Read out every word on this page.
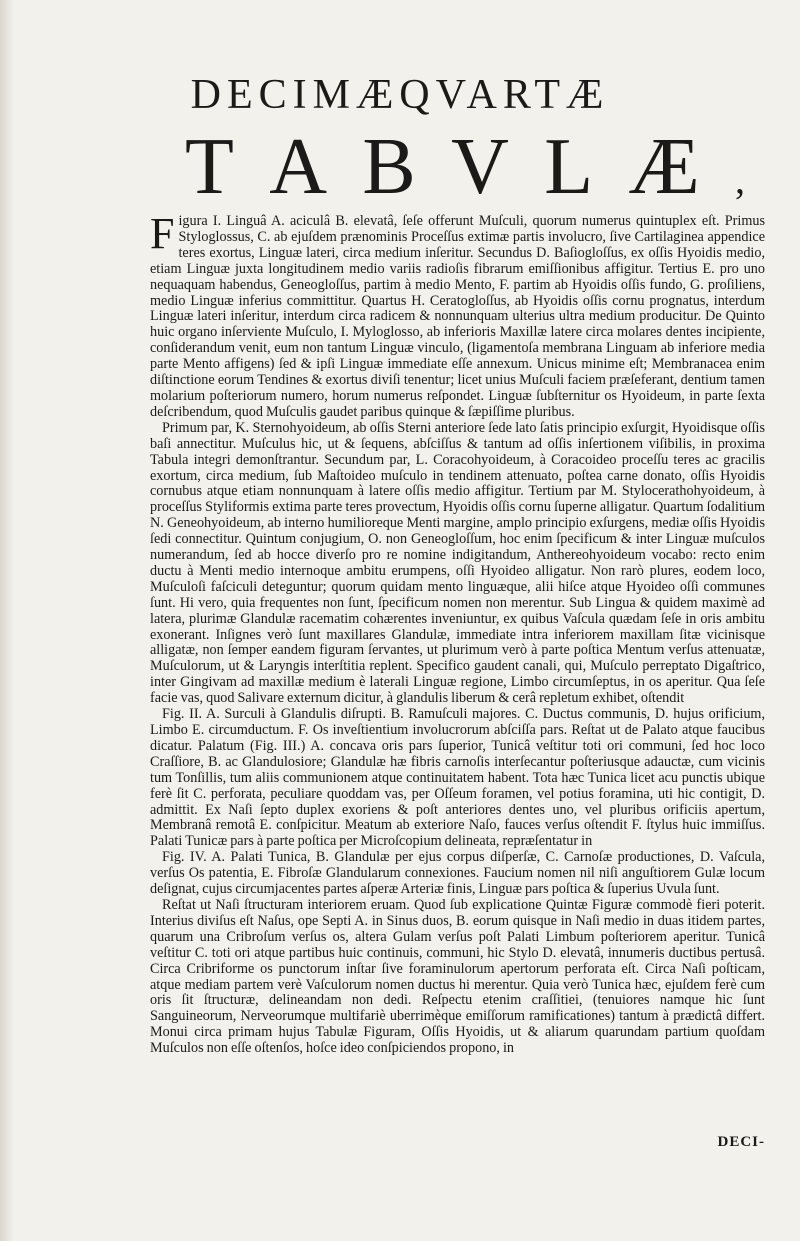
DECIMÆQVARTÆ
T A B V L Æ ,
F igura I. Linguâ A. aciculâ B. elevatâ, ſeſe offerunt Muſculi, quorum numerus quintuplex eſt. Primus Styloglossus, C. ab ejuſdem prænominis Proceſſus extimæ partis involucro, ſive Cartilaginea appendice teres exortus, Linguæ lateri, circa medium inſeritur. Secundus D. Baſiogloſſus, ex oſſis Hyoidis medio, etiam Linguæ juxta longitudinem medio variis radioſis fibrarum emiſſionibus affigitur. Tertius E. pro uno nequaquam habendus, Geneogloſſus, partim à medio Mento, F. partim ab Hyoidis oſſis fundo, G. proſiliens, medio Linguæ inferius committitur. Quartus H. Ceratogloſſus, ab Hyoidis oſſis cornu prognatus, interdum Linguæ lateri inſeritur, interdum circa radicem & nonnunquam ulterius ultra medium producitur. De Quinto huic organo inſerviente Muſculo, I. Myloglosso, ab inferioris Maxillæ latere circa molares dentes incipiente, conſiderandum venit, eum non tantum Linguæ vinculo, (ligamentoſa membrana Linguam ab inferiore media parte Mento affigens) ſed & ipſi Linguæ immediate eſſe annexum. Unicus minime eſt; Membranacea enim diſtinctione eorum Tendines & exortus diviſi tenentur; licet unius Muſculi faciem præſeferant, dentium tamen molarium poſteriorum numero, horum numerus reſpondet. Linguæ ſubſternitur os Hyoideum, in parte ſexta deſcribendum, quod Muſculis gaudet paribus quinque & ſæpiſſime pluribus.

Primum par, K. Sternohyoideum, ab oſſis Sterni anteriore ſede lato ſatis principio exſurgit, Hyoidisque oſſis baſi annectitur. Muſculus hic, ut & ſequens, abſciſſus & tantum ad oſſis inſertionem viſibilis, in proxima Tabula integri demonſtrantur. Secundum par, L. Coracohyoideum, à Coracoideo proceſſu teres ac gracilis exortum, circa medium, ſub Maſtoideo muſculo in tendinem attenuato, poſtea carne donato, oſſis Hyoidis cornubus atque etiam nonnunquam à latere oſſis medio affigitur. Tertium par M. Stylocerathohyoideum, à proceſſus Styliformis extima parte teres provectum, Hyoidis oſſis cornu ſuperne alligatur. Quartum ſodalitium N. Geneohyoideum, ab interno humilioreque Menti margine, amplo principio exſurgens, mediæ oſſis Hyoidis ſedi connectitur. Quintum conjugium, O. non Geneogloſſum, hoc enim ſpecificum & inter Linguæ muſculos numerandum, ſed ab hocce diverſo pro re nomine indigitandum, Anthereohyoideum vocabo: recto enim ductu à Menti medio internoque ambitu erumpens, oſſi Hyoideo alligatur. Non rarò plures, eodem loco, Muſculoſi faſciculi deteguntur; quorum quidam mento linguæque, alii hiſce atque Hyoideo oſſi communes ſunt. Hi vero, quia frequentes non ſunt, ſpecificum nomen non merentur. Sub Lingua & quidem maximè ad latera, plurimæ Glandulæ racematim cohærentes inveniuntur, ex quibus Vaſcula quædam ſeſe in oris ambitu exonerant. Inſignes verò ſunt maxillares Glandulæ, immediate intra inferiorem maxillam ſitæ vicinisque alligatæ, non ſemper eandem figuram ſervantes, ut plurimum verò à parte poſtica Mentum verſus attenuatæ, Muſculorum, ut & Laryngis interſtitia replent. Specifico gaudent canali, qui, Muſculo perreptato Digaſtrico, inter Gingivam ad maxillæ medium è laterali Linguæ regione, Limbo circumſeptus, in os aperitur. Qua ſeſe facie vas, quod Salivare externum dicitur, à glandulis liberum & cerâ repletum exhibet, oſtendit

Fig. II. A. Surculi à Glandulis diſrupti. B. Ramuſculi majores. C. Ductus communis, D. hujus orificium, Limbo E. circumductum. F. Os inveſtientium involucrorum abſciſſa pars. Reſtat ut de Palato atque faucibus dicatur. Palatum (Fig. III.) A. concava oris pars ſuperior, Tunicâ veſtitur toti ori communi, ſed hoc loco Craſſiore, B. ac Glandulosiore; Glandulæ hæ fibris carnoſis interſecantur poſteriusque adauctæ, cum vicinis tum Tonſillis, tum aliis communionem atque continuitatem habent. Tota hæc Tunica licet acu punctis ubique ferè ſit C. perforata, peculiare quoddam vas, per Oſſeum foramen, vel potius foramina, uti hic contigit, D. admittit. Ex Naſi ſepto duplex exoriens & poſt anteriores dentes uno, vel pluribus orificiis apertum, Membranâ remotâ E. conſpicitur. Meatum ab exteriore Naſo, fauces verſus oſtendit F. ſtylus huic immiſſus. Palati Tunicæ pars à parte poſtica per Microſcopium delineata, repræſentatur in

Fig. IV. A. Palati Tunica, B. Glandulæ per ejus corpus diſperſæ, C. Carnoſæ productiones, D. Vaſcula, verſus Os patentia, E. Fibroſæ Glandularum connexiones. Faucium nomen nil niſi anguſtiorem Gulæ locum deſignat, cujus circumjacentes partes aſperæ Arteriæ finis, Linguæ pars poſtica & ſuperius Uvula ſunt.

Reſtat ut Naſi ſtructuram interiorem eruam. Quod ſub explicatione Quintæ Figuræ commodè fieri poterit. Interius diviſus eſt Naſus, ope Septi A. in Sinus duos, B. eorum quisque in Naſi medio in duas itidem partes, quarum una Cribroſum verſus os, altera Gulam verſus poſt Palati Limbum poſteriorem aperitur. Tunicâ veſtitur C. toti ori atque partibus huic continuis, communi, hic Stylo D. elevatâ, innumeris ductibus pertusâ. Circa Cribriforme os punctorum inſtar ſive foraminulorum apertorum perforata eſt. Circa Naſi poſticam, atque mediam partem verè Vaſculorum nomen ductus hi merentur. Quia verò Tunica hæc, ejuſdem ferè cum oris ſit ſtructuræ, delineandam non dedi. Reſpectu etenim craſſitiei, (tenuiores namque hic ſunt Sanguineorum, Nerveorumque multifariè uberrimèque emiſſorum ramificationes) tantum à prædictâ differt. Monui circa primam hujus Tabulæ Figuram, Oſſis Hyoidis, ut & aliarum quarundam partium quoſdam Muſculos non eſſe oſtenſos, hoſce ideo conſpiciendos propono, in

DECI-
